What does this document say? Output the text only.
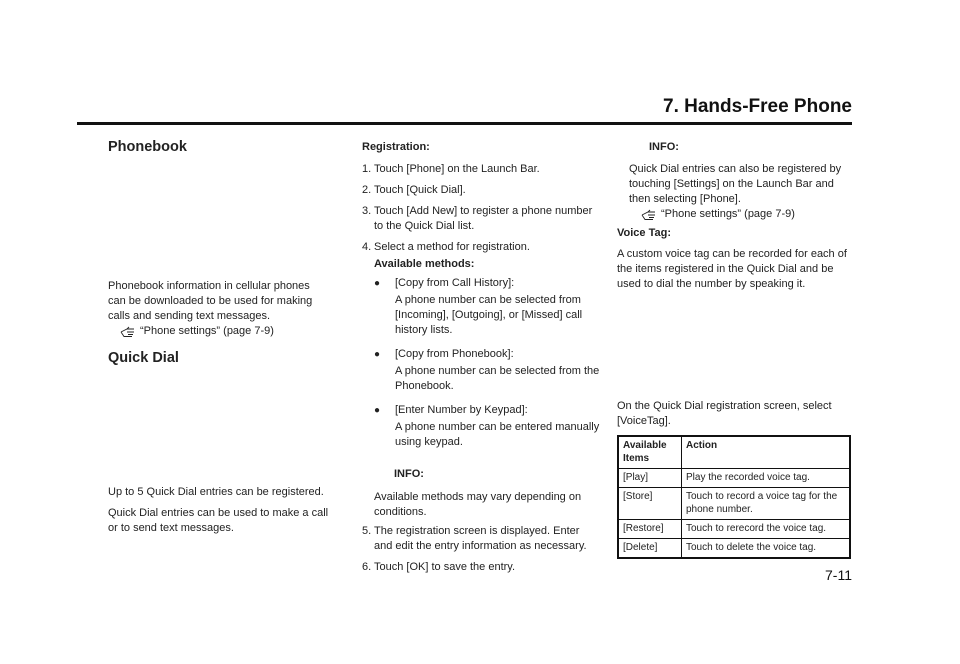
7. Hands-Free Phone
Phonebook

Phonebook information in cellular phones can be downloaded to be used for making calls and sending text messages.

“Phone settings” (page 7-9)
Quick Dial

Up to 5 Quick Dial entries can be registered.

Quick Dial entries can be used to make a call or to send text messages.

Registration:

1. Touch [Phone] on the Launch Bar.
2. Touch [Quick Dial].
3. Touch [Add New] to register a phone number to the Quick Dial list.
4. Select a method for registration.

Available methods:

●	[Copy from Call History]:

A phone number can be selected from [Incoming], [Outgoing], or [Missed] call history lists.

●	[Copy from Phonebook]:

A phone number can be selected from the Phonebook.

●	[Enter Number by Keypad]:

A phone number can be entered manually using keypad.

INFO:

Available methods may vary depending on conditions.

5. The registration screen is displayed. Enter and edit the entry information as necessary.
6. Touch [OK] to save the entry.

INFO:

Quick Dial entries can also be registered by touching [Settings] on the Launch Bar and then selecting [Phone].

“Phone settings” (page 7-9)

Voice Tag:

A custom voice tag can be recorded for each of the items registered in the Quick Dial and be used to dial the number by speaking it.

On the Quick Dial registration screen, select [VoiceTag].

Available Items	Action
[Play]	Play the recorded voice tag.
[Store]	Touch to record a voice tag for the phone number.
[Restore]	Touch to rerecord the voice tag.
[Delete]	Touch to delete the voice tag.
7-11
